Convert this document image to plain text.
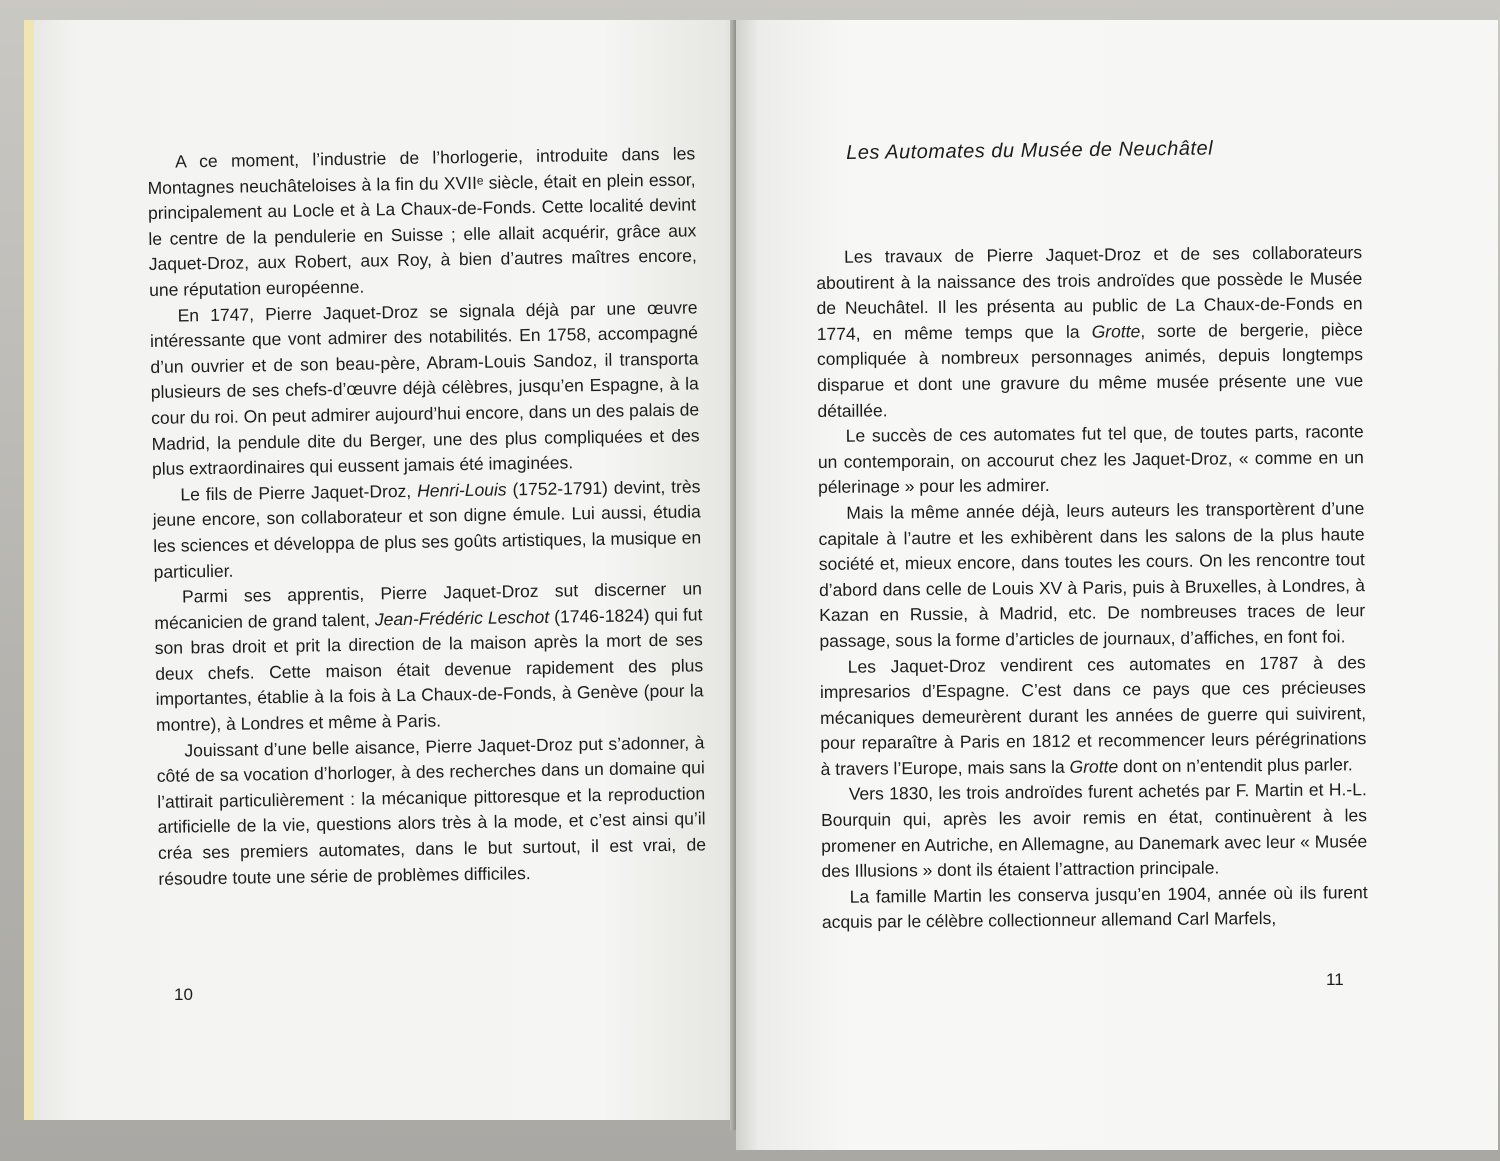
A ce moment, l’industrie de l’horlogerie, introduite dans les Montagnes neuchâteloises à la fin du XVIIᵉ siècle, était en plein essor, principalement au Locle et à La Chaux-de-Fonds. Cette localité devint le centre de la pendulerie en Suisse ; elle allait acquérir, grâce aux Jaquet-Droz, aux Robert, aux Roy, à bien d’autres maîtres encore, une réputation européenne.

En 1747, Pierre Jaquet-Droz se signala déjà par une œuvre intéressante que vont admirer des notabilités. En 1758, accompagné d’un ouvrier et de son beau-père, Abram-Louis Sandoz, il transporta plusieurs de ses chefs-d’œuvre déjà célèbres, jusqu’en Espagne, à la cour du roi. On peut admirer aujourd’hui encore, dans un des palais de Madrid, la pendule dite du Berger, une des plus compliquées et des plus extraordinaires qui eussent jamais été imaginées.

Le fils de Pierre Jaquet-Droz, Henri-Louis (1752-1791) devint, très jeune encore, son collaborateur et son digne émule. Lui aussi, étudia les sciences et développa de plus ses goûts artistiques, la musique en particulier.

Parmi ses apprentis, Pierre Jaquet-Droz sut discerner un mécanicien de grand talent, Jean-Frédéric Leschot (1746-1824) qui fut son bras droit et prit la direction de la maison après la mort de ses deux chefs. Cette maison était devenue rapidement des plus importantes, établie à la fois à La Chaux-de-Fonds, à Genève (pour la montre), à Londres et même à Paris.

Jouissant d’une belle aisance, Pierre Jaquet-Droz put s’adonner, à côté de sa vocation d’horloger, à des recherches dans un domaine qui l’attirait particulièrement : la mécanique pittoresque et la reproduction artificielle de la vie, questions alors très à la mode, et c’est ainsi qu’il créa ses premiers automates, dans le but surtout, il est vrai, de résoudre toute une série de problèmes difficiles.

10
Les Automates du Musée de Neuchâtel

Les travaux de Pierre Jaquet-Droz et de ses collaborateurs aboutirent à la naissance des trois androïdes que possède le Musée de Neuchâtel. Il les présenta au public de La Chaux-de-Fonds en 1774, en même temps que la Grotte, sorte de bergerie, pièce compliquée à nombreux personnages animés, depuis longtemps disparue et dont une gravure du même musée présente une vue détaillée.

Le succès de ces automates fut tel que, de toutes parts, raconte un contemporain, on accourut chez les Jaquet-Droz, « comme en un pélerinage » pour les admirer.

Mais la même année déjà, leurs auteurs les transportèrent d’une capitale à l’autre et les exhibèrent dans les salons de la plus haute société et, mieux encore, dans toutes les cours. On les rencontre tout d’abord dans celle de Louis XV à Paris, puis à Bruxelles, à Londres, à Kazan en Russie, à Madrid, etc. De nombreuses traces de leur passage, sous la forme d’articles de journaux, d’affiches, en font foi.

Les Jaquet-Droz vendirent ces automates en 1787 à des impresarios d’Espagne. C’est dans ce pays que ces précieuses mécaniques demeurèrent durant les années de guerre qui suivirent, pour reparaître à Paris en 1812 et recommencer leurs pérégrinations à travers l’Europe, mais sans la Grotte dont on n’entendit plus parler.

Vers 1830, les trois androïdes furent achetés par F. Martin et H.-L. Bourquin qui, après les avoir remis en état, continuèrent à les promener en Autriche, en Allemagne, au Danemark avec leur « Musée des Illusions » dont ils étaient l’attraction principale.

La famille Martin les conserva jusqu’en 1904, année où ils furent acquis par le célèbre collectionneur allemand Carl Marfels,

11
